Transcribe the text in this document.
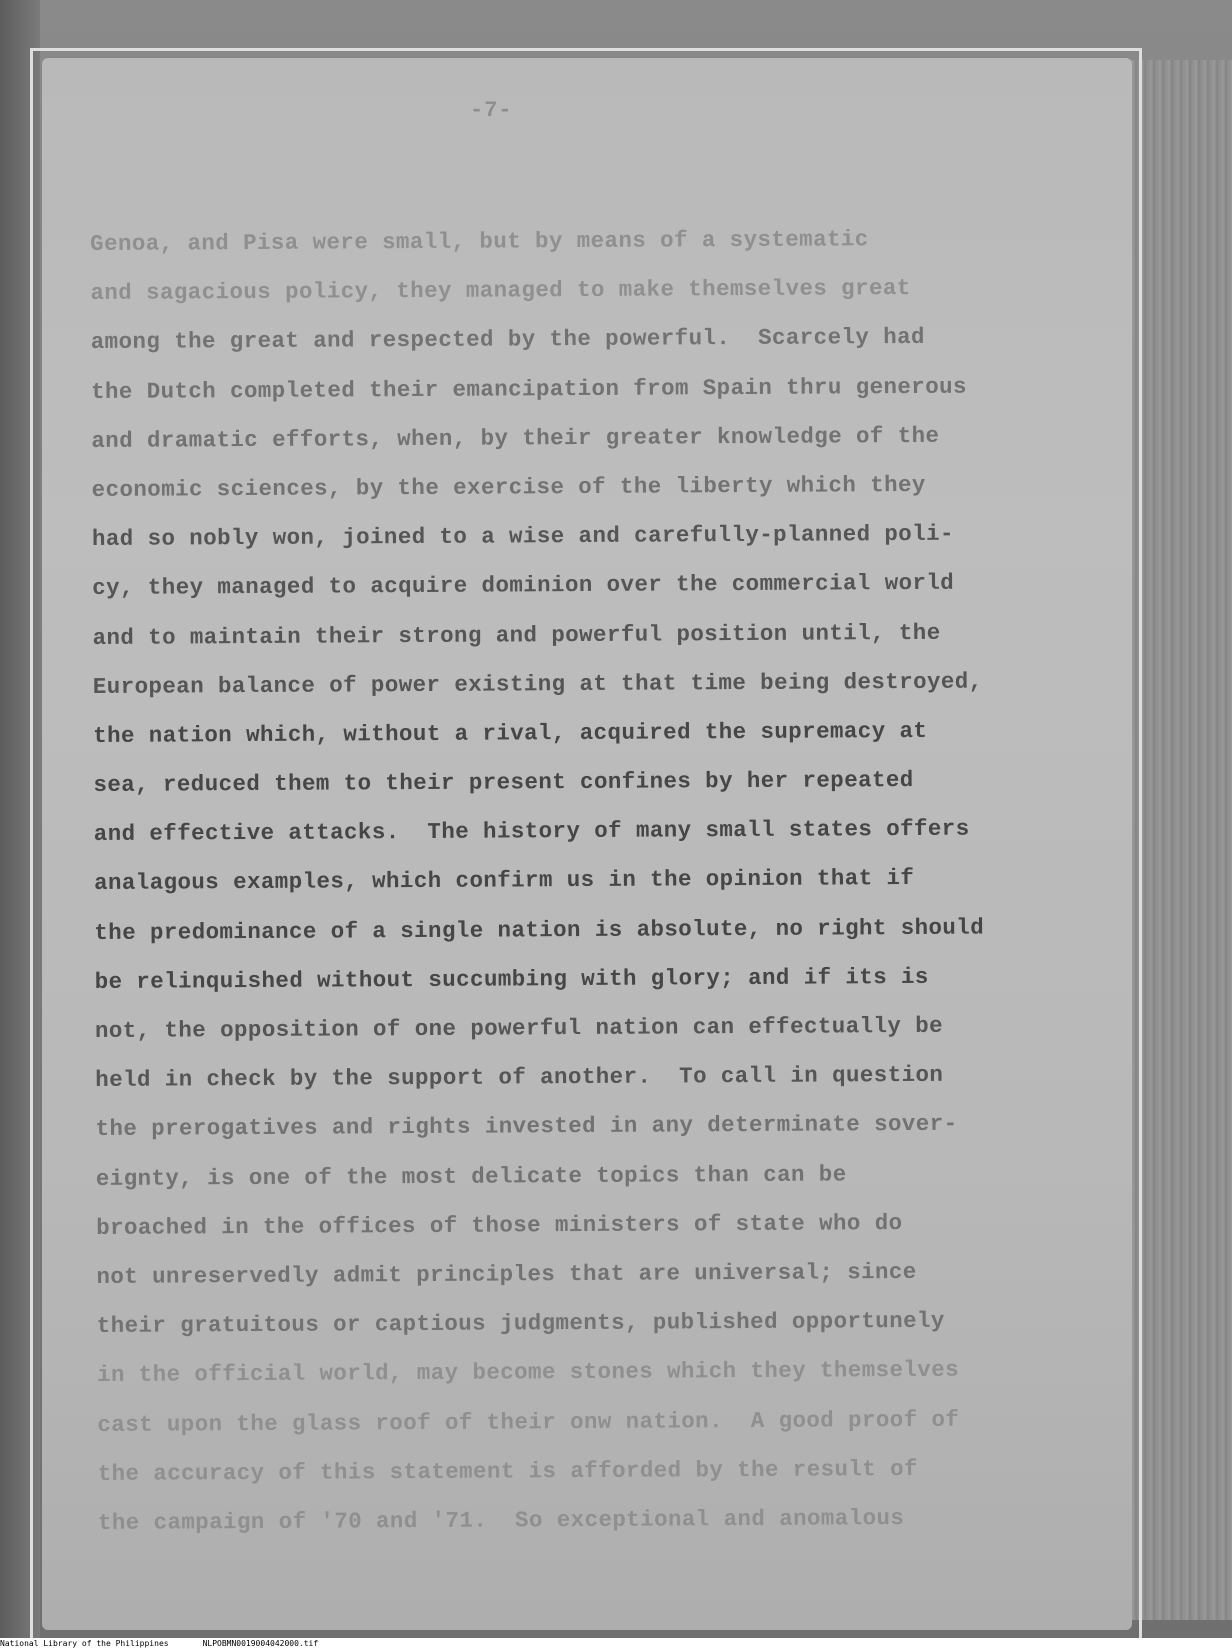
-7-
Genoa, and Pisa were small, but by means of a systematic
and sagacious policy, they managed to make themselves great
among the great and respected by the powerful.  Scarcely had
the Dutch completed their emancipation from Spain thru generous
and dramatic efforts, when, by their greater knowledge of the
economic sciences, by the exercise of the liberty which they
had so nobly won, joined to a wise and carefully-planned poli-
cy, they managed to acquire dominion over the commercial world
and to maintain their strong and powerful position until, the
European balance of power existing at that time being destroyed,
the nation which, without a rival, acquired the supremacy at
sea, reduced them to their present confines by her repeated
and effective attacks.  The history of many small states offers
analagous examples, which confirm us in the opinion that if
the predominance of a single nation is absolute, no right should
be relinquished without succumbing with glory; and if its is
not, the opposition of one powerful nation can effectually be
held in check by the support of another.  To call in question
the prerogatives and rights invested in any determinate sover-
eignty, is one of the most delicate topics than can be
broached in the offices of those ministers of state who do
not unreservedly admit principles that are universal; since
their gratuitous or captious judgments, published opportunely
in the official world, may become stones which they themselves
cast upon the glass roof of their onw nation.  A good proof of
the accuracy of this statement is afforded by the result of
the campaign of '70 and '71.  So exceptional and anomalous
National Library of the Philippines	NLPOBMN0019004042000.tif
